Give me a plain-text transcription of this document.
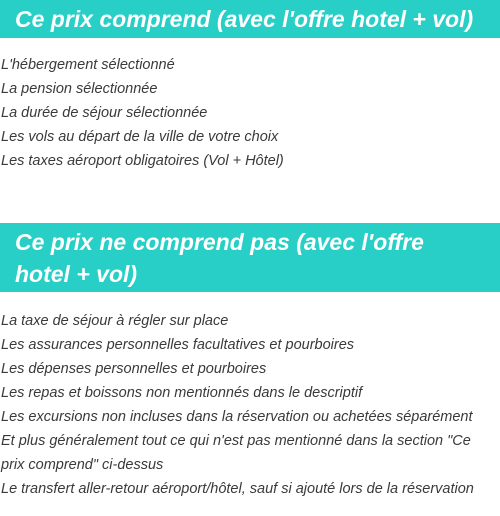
Ce prix comprend (avec l'offre hotel + vol)
L'hébergement sélectionné
La pension sélectionnée
La durée de séjour sélectionnée
Les vols au départ de la ville de votre choix
Les taxes aéroport obligatoires (Vol + Hôtel)
Ce prix ne comprend pas (avec l'offre hotel + vol)
La taxe de séjour à régler sur place
Les assurances personnelles facultatives et pourboires
Les dépenses personnelles et pourboires
Les repas et boissons non mentionnés dans le descriptif
Les excursions non incluses dans la réservation ou achetées séparément
Et plus généralement tout ce qui n'est pas mentionné dans la section "Ce prix comprend" ci-dessus
Le transfert aller-retour aéroport/hôtel, sauf si ajouté lors de la réservation
